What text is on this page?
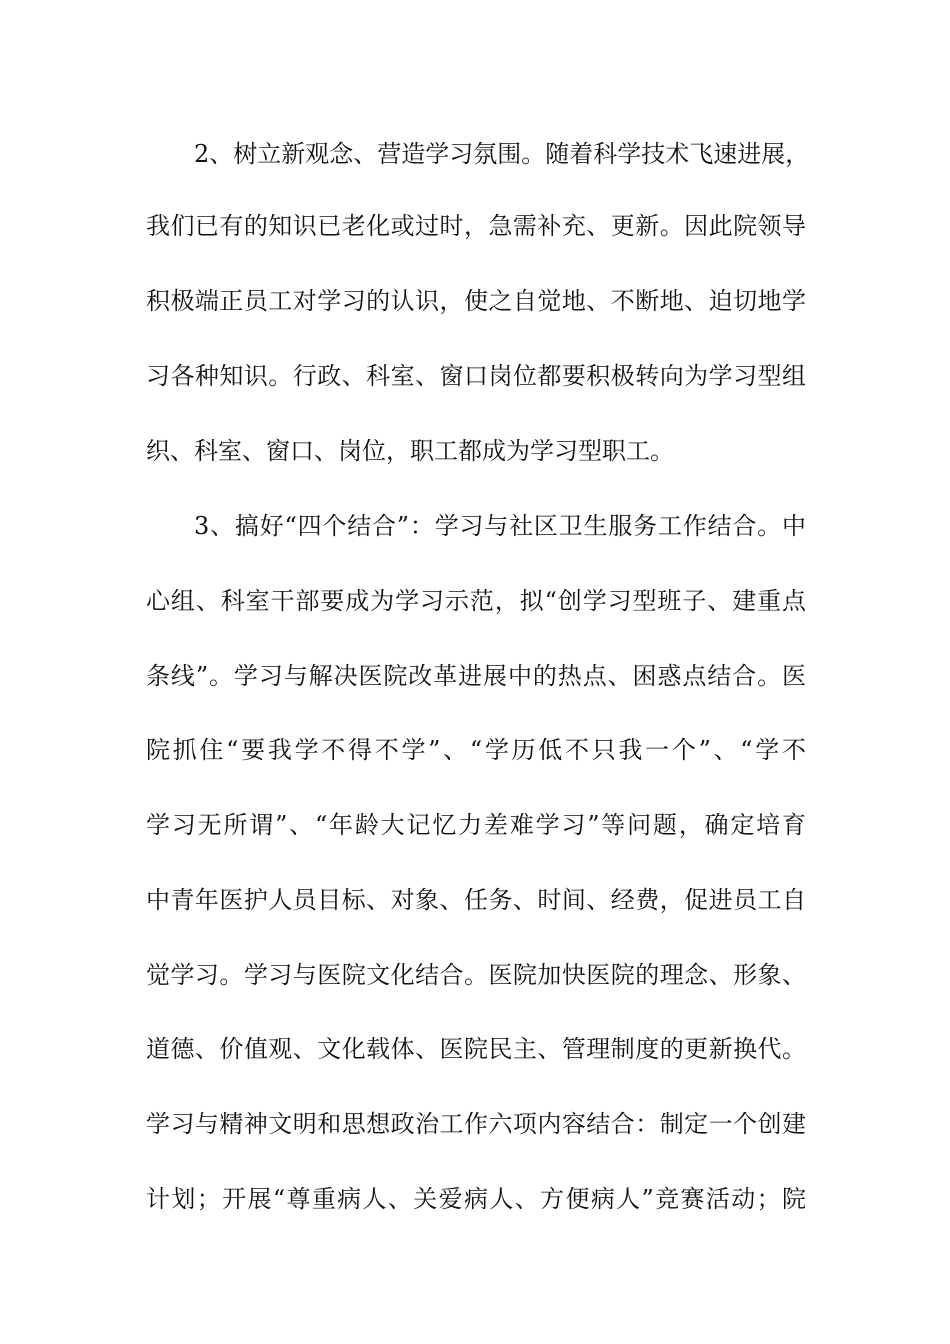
2、树立新观念、营造学习氛围。随着科学技术飞速进展，
我们已有的知识已老化或过时，急需补充、更新。因此院领导
积极端正员工对学习的认识，使之自觉地、不断地、迫切地学
习各种知识。行政、科室、窗口岗位都要积极转向为学习型组
织、科室、窗口、岗位，职工都成为学习型职工。
3、搞好“四个结合”：学习与社区卫生服务工作结合。中
心组、科室干部要成为学习示范，拟“创学习型班子、建重点
条线”。学习与解决医院改革进展中的热点、困惑点结合。医
院抓住“要我学不得不学”、“学历低不只我一个”、“学不
学习无所谓”、“年龄大记忆力差难学习”等问题，确定培育
中青年医护人员目标、对象、任务、时间、经费，促进员工自
觉学习。学习与医院文化结合。医院加快医院的理念、形象、
道德、价值观、文化载体、医院民主、管理制度的更新换代。
学习与精神文明和思想政治工作六项内容结合：制定一个创建
计划；开展“尊重病人、关爱病人、方便病人”竞赛活动；院
